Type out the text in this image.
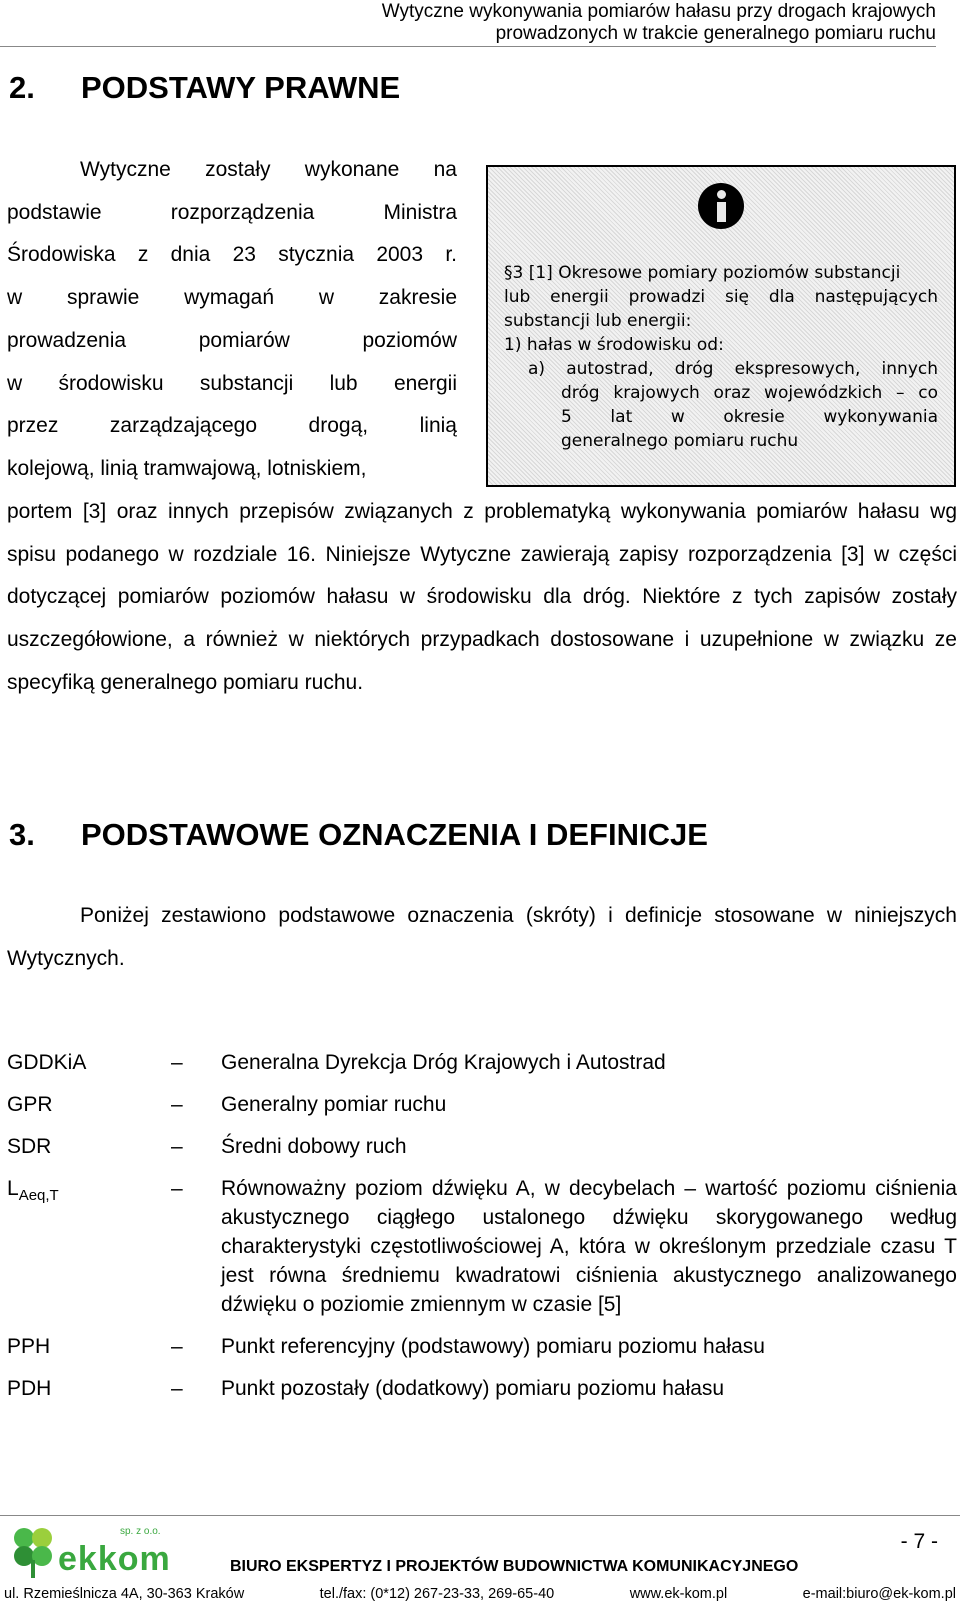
Wytyczne wykonywania pomiarów hałasu przy drogach krajowych
prowadzonych w trakcie generalnego pomiaru ruchu
2. PODSTAWY PRAWNE
Wytyczne zostały wykonane na
podstawie rozporządzenia Ministra
Środowiska z dnia 23 stycznia 2003 r.
w sprawie wymagań w zakresie
prowadzenia pomiarów poziomów
w środowisku substancji lub energii
przez zarządzającego drogą, linią
kolejową, linią tramwajową, lotniskiem,
§3 [1] Okresowe pomiary poziomów substancji
lub energii prowadzi się dla następujących
substancji lub energii:
1) hałas w środowisku od:
a) autostrad, dróg ekspresowych, innych
dróg krajowych oraz wojewódzkich – co
5 lat w okresie wykonywania
generalnego pomiaru ruchu
portem [3] oraz innych przepisów związanych z problematyką wykonywania pomiarów hałasu wg spisu podanego w rozdziale 16. Niniejsze Wytyczne zawierają zapisy rozporządzenia [3] w części dotyczącej pomiarów poziomów hałasu w środowisku dla dróg. Niektóre z tych zapisów zostały uszczegółowione, a również w niektórych przypadkach dostosowane i uzupełnione w związku ze specyfiką generalnego pomiaru ruchu.
3. PODSTAWOWE OZNACZENIA I DEFINICJE
Poniżej zestawiono podstawowe oznaczenia (skróty) i definicje stosowane w niniejszych Wytycznych.
GDDKiA	–	Generalna Dyrekcja Dróg Krajowych i Autostrad
GPR	–	Generalny pomiar ruchu
SDR	–	Średni dobowy ruch
$L_{Aeq,T}$	–	Równoważny poziom dźwięku A, w decybelach – wartość poziomu ciśnienia akustycznego ciągłego ustalonego dźwięku skorygowanego według charakterystyki częstotliwościowej A, która w określonym przedziale czasu T jest równa średniemu kwadratowi ciśnienia akustycznego analizowanego dźwięku o poziomie zmiennym w czasie [5]
PPH	–	Punkt referencyjny (podstawowy) pomiaru poziomu hałasu
PDH	–	Punkt pozostały (dodatkowy) pomiaru poziomu hałasu
ekkom
sp. z o.o.	- 7 -
BIURO EKSPERTYZ I PROJEKTÓW BUDOWNICTWA KOMUNIKACYJNEGO
ul. Rzemieślnicza 4A, 30-363 Kraków	tel./fax: (0*12) 267-23-33, 269-65-40	www.ek-kom.pl	e-mail:biuro@ek-kom.pl
